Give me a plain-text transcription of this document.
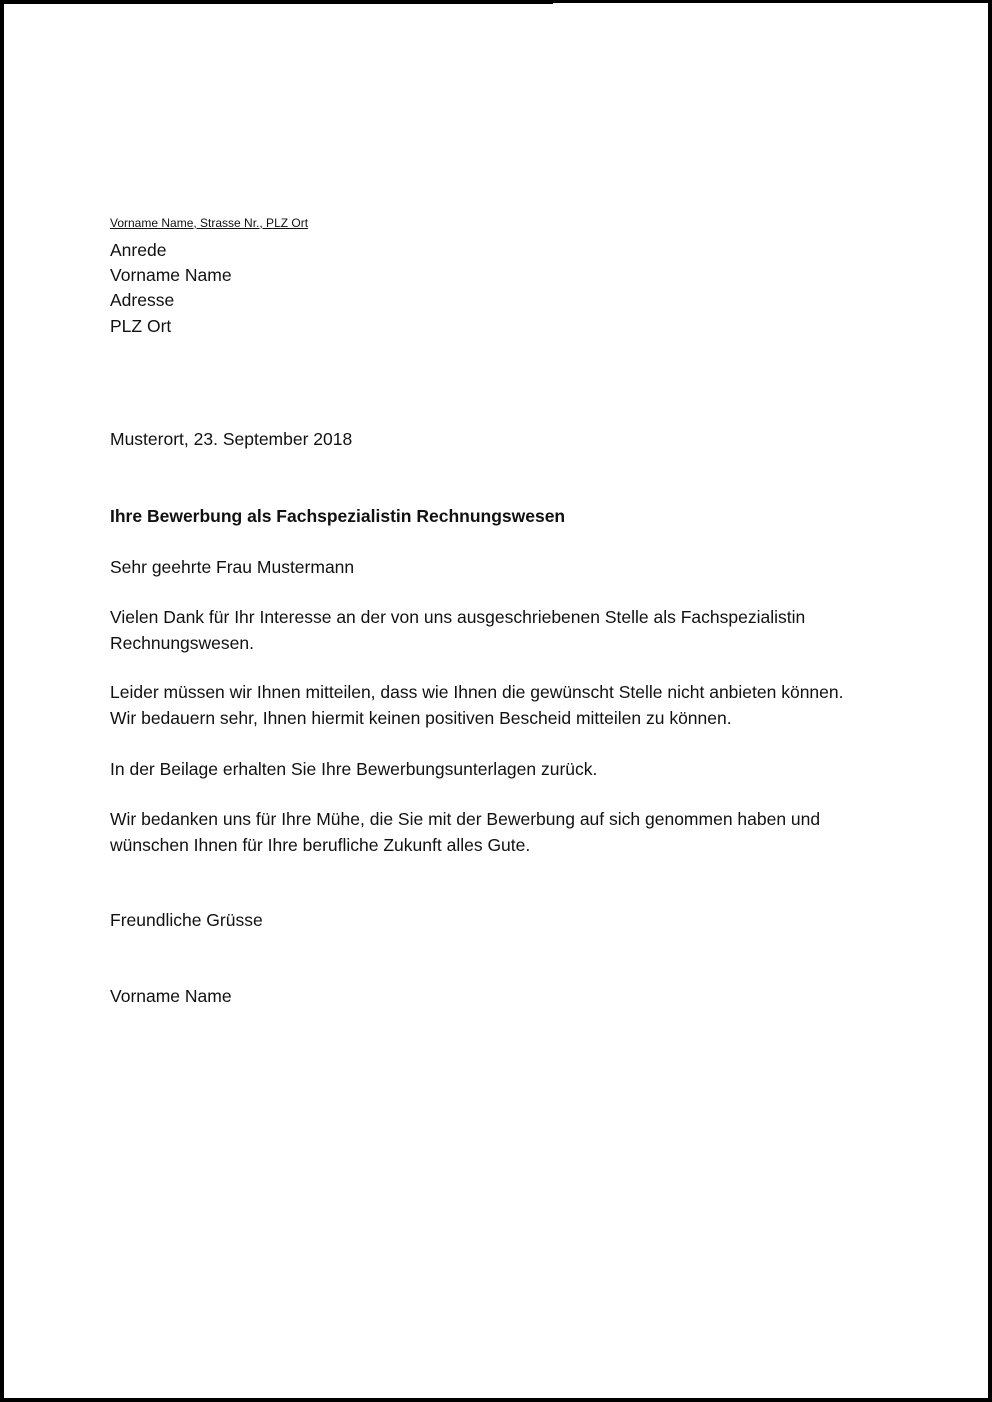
Vorname Name, Strasse Nr., PLZ Ort
Anrede
Vorname Name
Adresse
PLZ Ort
Musterort, 23. September 2018
Ihre Bewerbung als Fachspezialistin Rechnungswesen
Sehr geehrte Frau Mustermann
Vielen Dank für Ihr Interesse an der von uns ausgeschriebenen Stelle als Fachspezialistin
Rechnungswesen.
Leider müssen wir Ihnen mitteilen, dass wie Ihnen die gewünscht Stelle nicht anbieten können.
Wir bedauern sehr, Ihnen hiermit keinen positiven Bescheid mitteilen zu können.
In der Beilage erhalten Sie Ihre Bewerbungsunterlagen zurück.
Wir bedanken uns für Ihre Mühe, die Sie mit der Bewerbung auf sich genommen haben und
wünschen Ihnen für Ihre berufliche Zukunft alles Gute.
Freundliche Grüsse
Vorname Name
